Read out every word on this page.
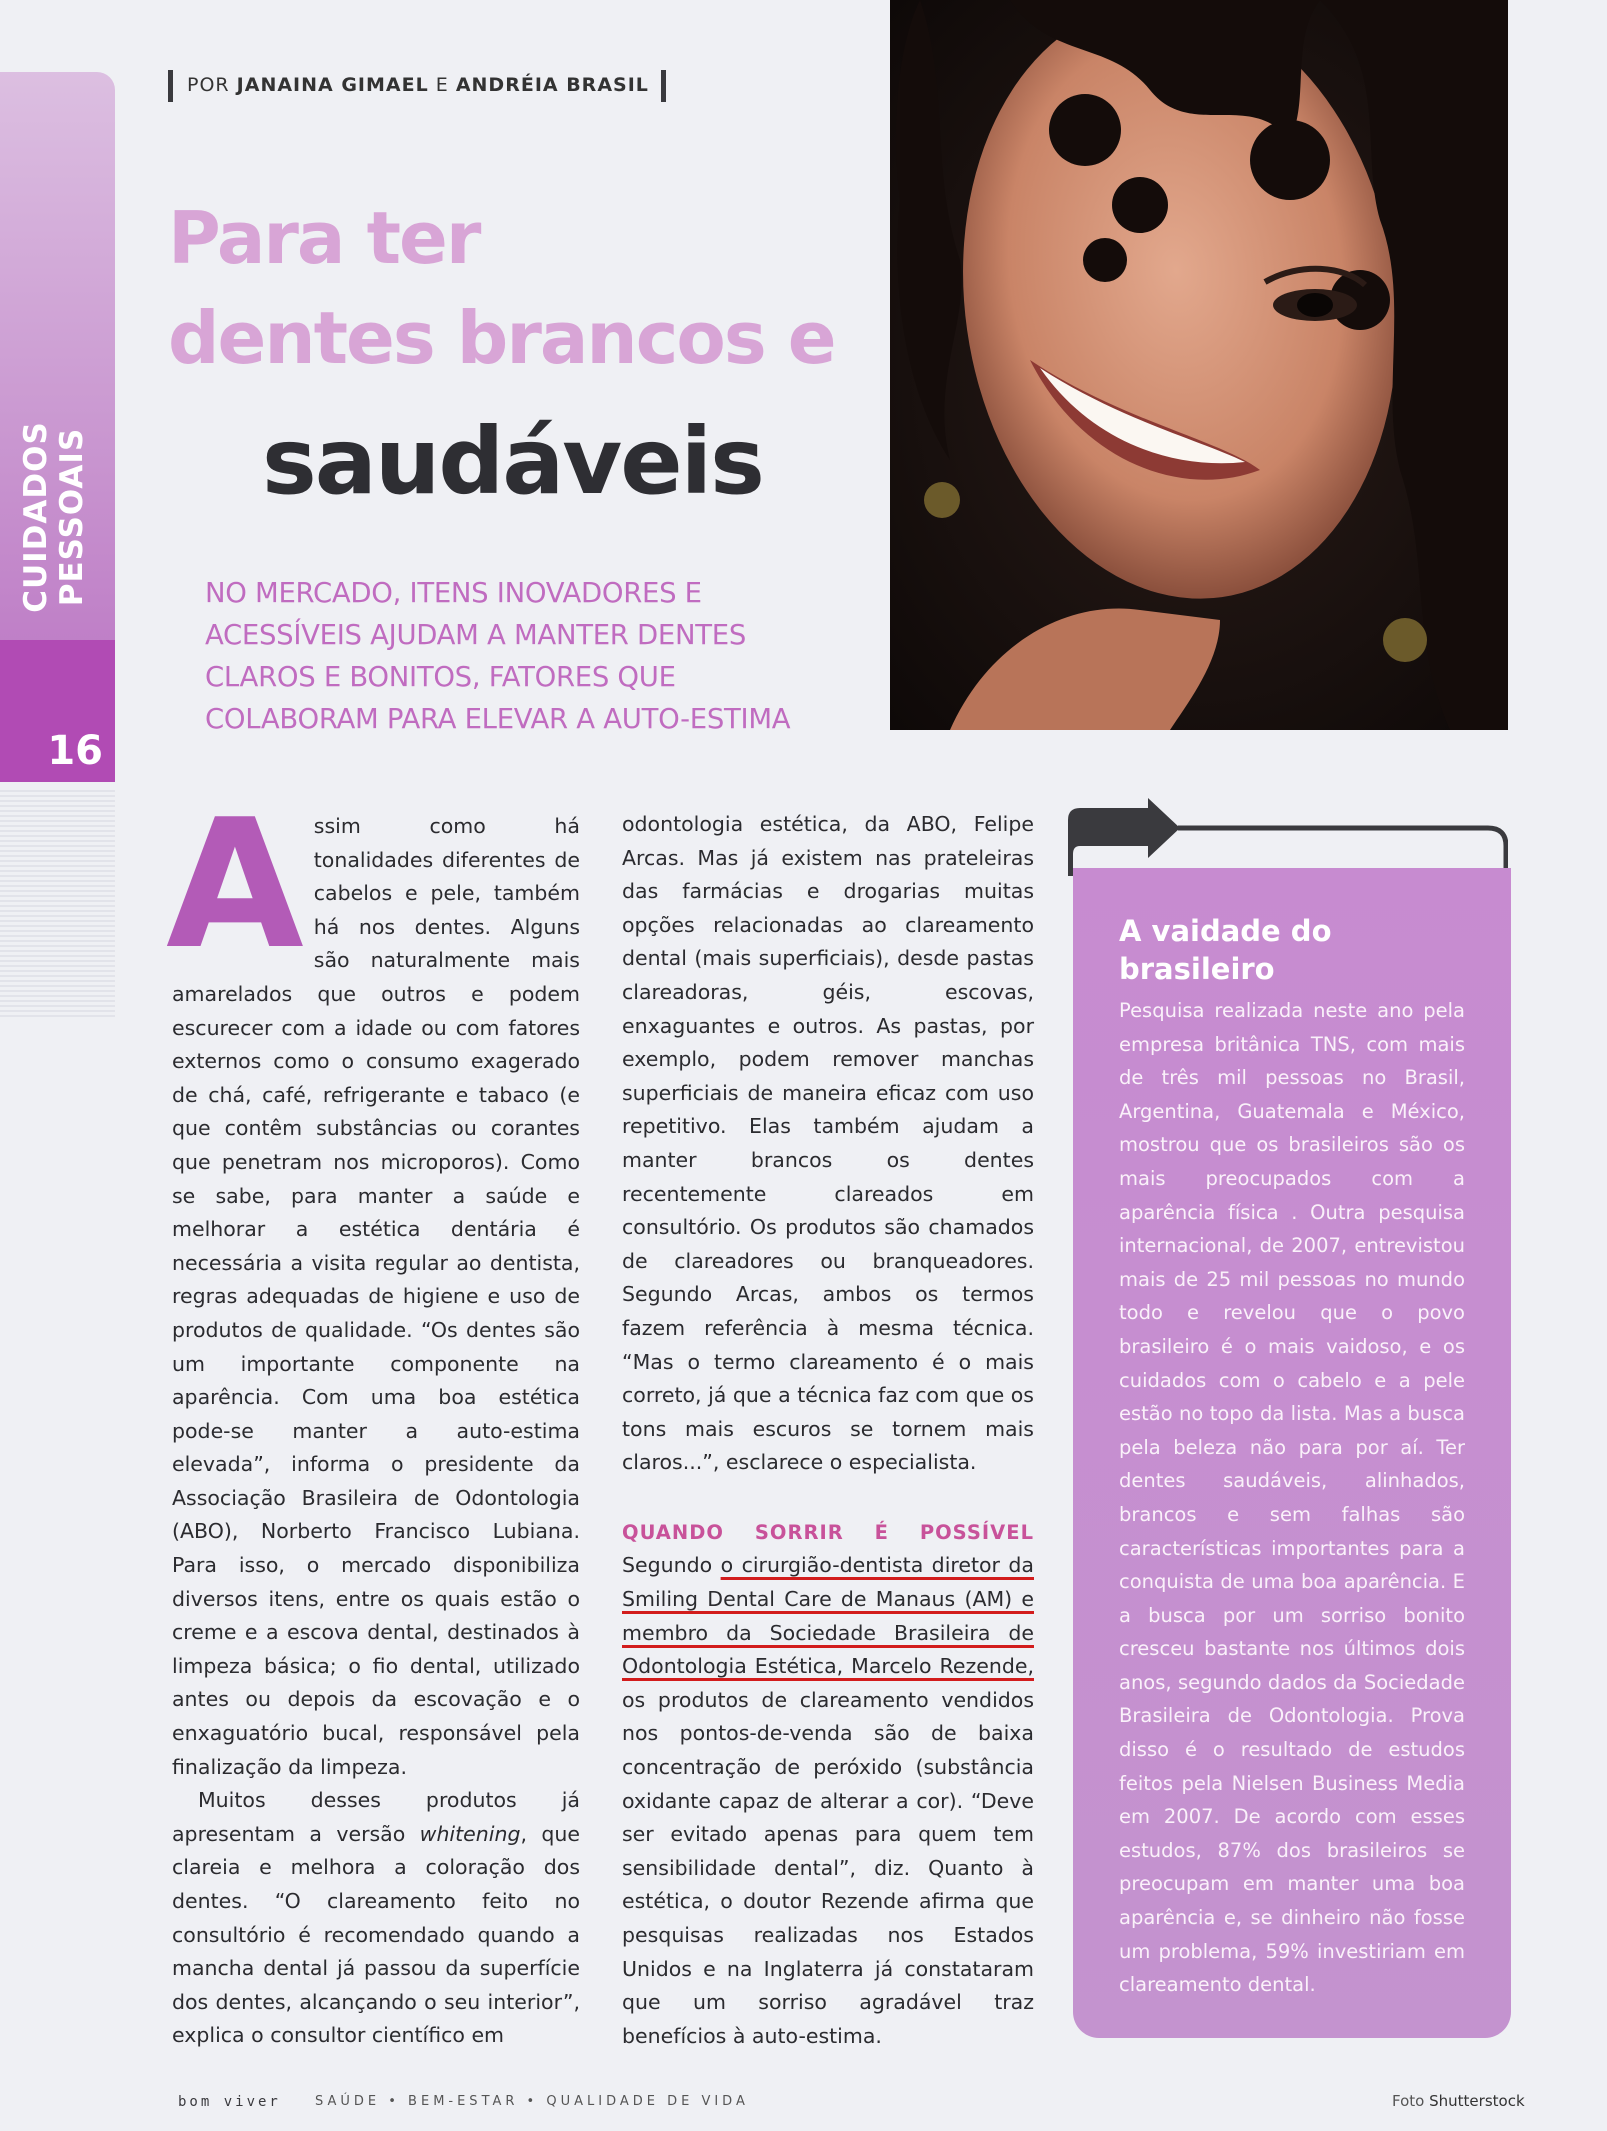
CUIDADOS PESSOAIS
16
POR JANAINA GIMAEL E ANDRÉIA BRASIL
Para ter
dentes brancos e
saudáveis
NO MERCADO, ITENS INOVADORES E ACESSÍVEIS AJUDAM A MANTER DENTES CLAROS E BONITOS, FATORES QUE COLABORAM PARA ELEVAR A AUTO-ESTIMA
A ssim como há tonalidades diferentes de cabelos e pele, também há nos dentes. Alguns são naturalmente mais amarelados que outros e podem escurecer com a idade ou com fatores externos como o consumo exagerado de chá, café, refrigerante e tabaco (e que contêm substâncias ou corantes que penetram nos microporos). Como se sabe, para manter a saúde e melhorar a estética dentária é necessária a visita regular ao dentista, regras adequadas de higiene e uso de produtos de qualidade. “Os dentes são um importante componente na aparência. Com uma boa estética pode-se manter a auto-estima elevada”, informa o presidente da Associação Brasileira de Odontologia (ABO), Norberto Francisco Lubiana. Para isso, o mercado disponibiliza diversos itens, entre os quais estão o creme e a escova dental, destinados à limpeza básica; o fio dental, utilizado antes ou depois da escovação e o enxaguatório bucal, responsável pela finalização da limpeza.

Muitos desses produtos já apresentam a versão whitening, que clareia e melhora a coloração dos dentes. “O clareamento feito no consultório é recomendado quando a mancha dental já passou da superfície dos dentes, alcançando o seu interior”, explica o consultor científico em

odontologia estética, da ABO, Felipe Arcas. Mas já existem nas prateleiras das farmácias e drogarias muitas opções relacionadas ao clareamento dental (mais superficiais), desde pastas clareadoras, géis, escovas, enxaguantes e outros. As pastas, por exemplo, podem remover manchas superficiais de maneira eficaz com uso repetitivo. Elas também ajudam a manter brancos os dentes recentemente clareados em consultório. Os produtos são chamados de clareadores ou branqueadores. Segundo Arcas, ambos os termos fazem referência à mesma técnica. “Mas o termo clareamento é o mais correto, já que a técnica faz com que os tons mais escuros se tornem mais claros...”, esclarece o especialista.

QUANDO SORRIR É POSSÍVEL Segundo o cirurgião-dentista diretor da Smiling Dental Care de Manaus (AM) e membro da Sociedade Brasileira de Odontologia Estética, Marcelo Rezende, os produtos de clareamento vendidos nos pontos-de-venda são de baixa concentração de peróxido (substância oxidante capaz de alterar a cor). “Deve ser evitado apenas para quem tem sensibilidade dental”, diz. Quanto à estética, o doutor Rezende afirma que pesquisas realizadas nos Estados Unidos e na Inglaterra já constataram que um sorriso agradável traz benefícios à auto-estima.

A vaidade do brasileiro
Pesquisa realizada neste ano pela empresa britânica TNS, com mais de três mil pessoas no Brasil, Argentina, Guatemala e México, mostrou que os brasileiros são os mais preocupados com a aparência física . Outra pesquisa internacional, de 2007, entrevistou mais de 25 mil pessoas no mundo todo e revelou que o povo brasileiro é o mais vaidoso, e os cuidados com o cabelo e a pele estão no topo da lista. Mas a busca pela beleza não para por aí. Ter dentes saudáveis, alinhados, brancos e sem falhas são características importantes para a conquista de uma boa aparência. E a busca por um sorriso bonito cresceu bastante nos últimos dois anos, segundo dados da Sociedade Brasileira de Odontologia. Prova disso é o resultado de estudos feitos pela Nielsen Business Media em 2007. De acordo com esses estudos, 87% dos brasileiros se preocupam em manter uma boa aparência e, se dinheiro não fosse um problema, 59% investiriam em clareamento dental.
bom viver	SAÚDE • BEM-ESTAR • QUALIDADE DE VIDA	Foto Shutterstock
